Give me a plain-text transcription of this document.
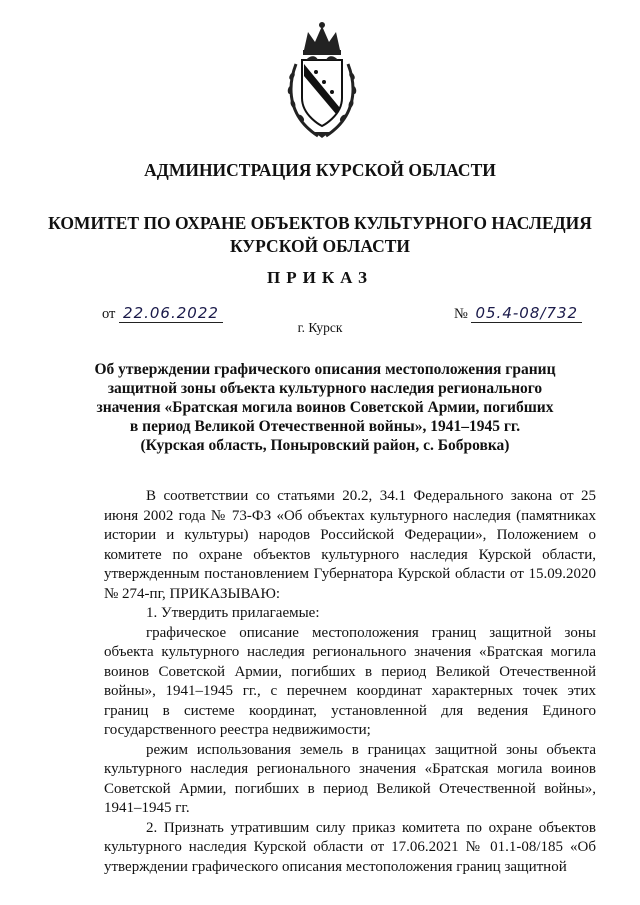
АДМИНИСТРАЦИЯ КУРСКОЙ ОБЛАСТИ
КОМИТЕТ ПО ОХРАНЕ ОБЪЕКТОВ КУЛЬТУРНОГО НАСЛЕДИЯ
КУРСКОЙ ОБЛАСТИ
ПРИКАЗ
от 22.06.2022	№ 05.4-08/732
г. Курск
Об утверждении графического описания местоположения границ
защитной зоны объекта культурного наследия регионального
значения «Братская могила воинов Советской Армии, погибших
в период Великой Отечественной войны», 1941–1945 гг.
(Курская область, Поныровский район, с. Бобровка)

В соответствии со статьями 20.2, 34.1 Федерального закона от 25 июня 2002 года № 73-ФЗ «Об объектах культурного наследия (памятниках истории и культуры) народов Российской Федерации», Положением о комитете по охране объектов культурного наследия Курской области, утвержденным постановлением Губернатора Курской области от 15.09.2020 № 274-пг, ПРИКАЗЫВАЮ:

1. Утвердить прилагаемые:

графическое описание местоположения границ защитной зоны объекта культурного наследия регионального значения «Братская могила воинов Советской Армии, погибших в период Великой Отечественной войны», 1941–1945 гг., с перечнем координат характерных точек этих границ в системе координат, установленной для ведения Единого государственного реестра недвижимости;

режим использования земель в границах защитной зоны объекта культурного наследия регионального значения «Братская могила воинов Советской Армии, погибших в период Великой Отечественной войны», 1941–1945 гг.

2. Признать утратившим силу приказ комитета по охране объектов культурного наследия Курской области от 17.06.2021 № 01.1-08/185 «Об утверждении графического описания местоположения границ защитной
